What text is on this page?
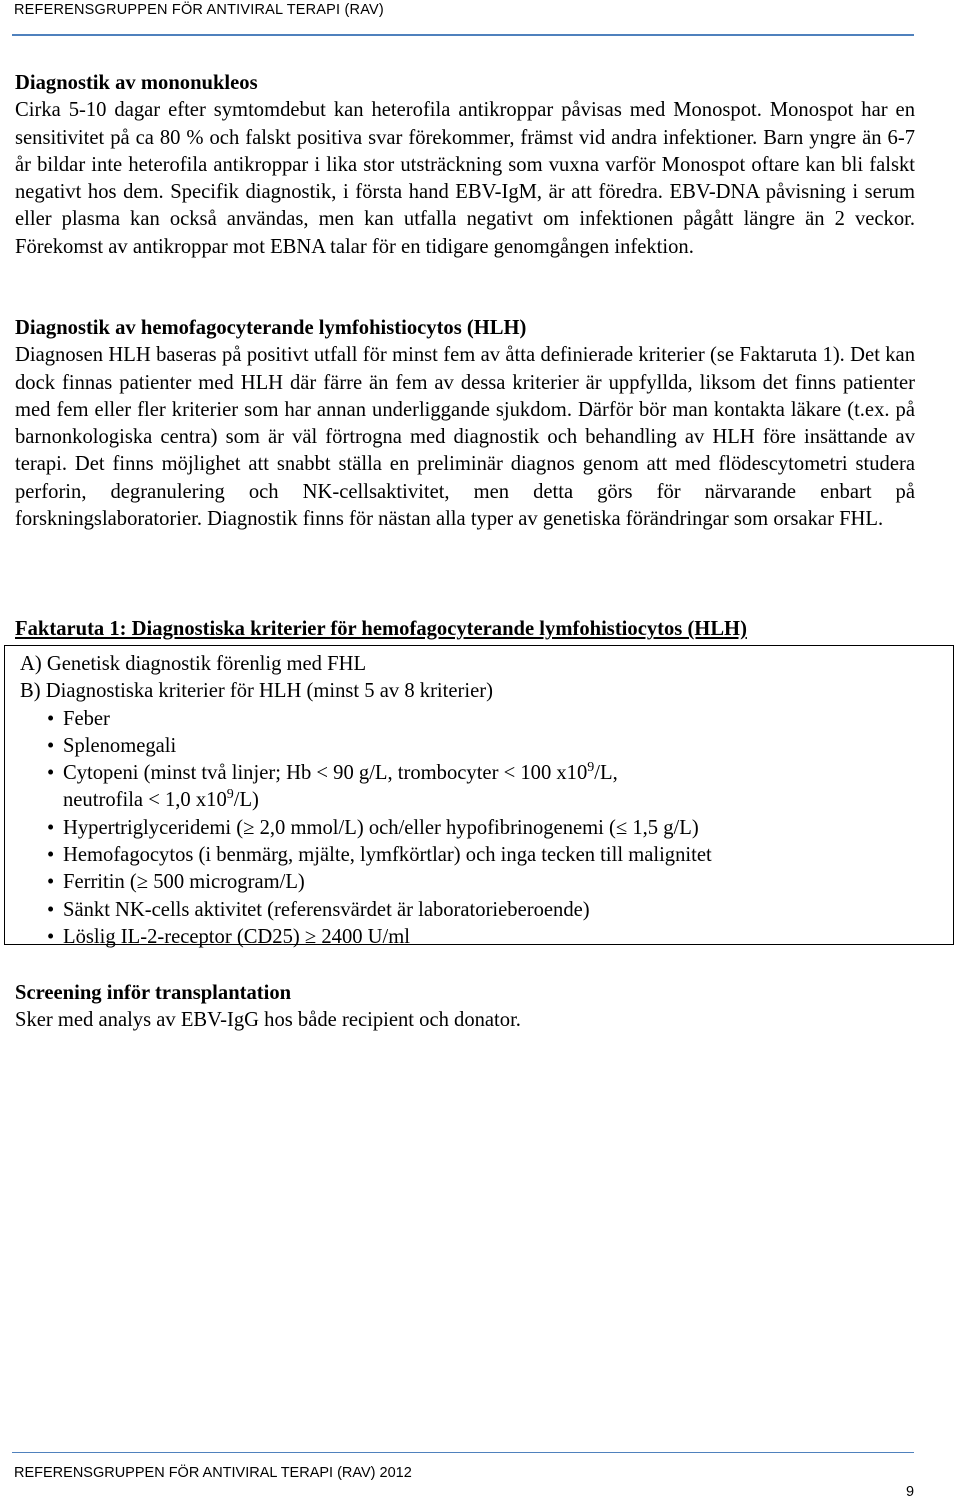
REFERENSGRUPPEN FÖR ANTIVIRAL TERAPI (RAV)
Diagnostik av mononukleos

Cirka 5-10 dagar efter symtomdebut kan heterofila antikroppar påvisas med Monospot. Monospot har en sensitivitet på ca 80 % och falskt positiva svar förekommer, främst vid andra infektioner. Barn yngre än 6-7 år bildar inte heterofila antikroppar i lika stor utsträckning som vuxna varför Monospot oftare kan bli falskt negativt hos dem. Specifik diagnostik, i första hand EBV-IgM, är att föredra. EBV-DNA påvisning i serum eller plasma kan också användas, men kan utfalla negativt om infektionen pågått längre än 2 veckor. Förekomst av antikroppar mot EBNA talar för en tidigare genomgången infektion.

Diagnostik av hemofagocyterande lymfohistiocytos (HLH)

Diagnosen HLH baseras på positivt utfall för minst fem av åtta definierade kriterier (se Faktaruta 1). Det kan dock finnas patienter med HLH där färre än fem av dessa kriterier är uppfyllda, liksom det finns patienter med fem eller fler kriterier som har annan underliggande sjukdom. Därför bör man kontakta läkare (t.ex. på barnonkologiska centra) som är väl förtrogna med diagnostik och behandling av HLH före insättande av terapi. Det finns möjlighet att snabbt ställa en preliminär diagnos genom att med flödescytometri studera perforin, degranulering och NK-cellsaktivitet, men detta görs för närvarande enbart på forskningslaboratorier. Diagnostik finns för nästan alla typer av genetiska förändringar som orsakar FHL.

Faktaruta 1: Diagnostiska kriterier för hemofagocyterande lymfohistiocytos (HLH)
A) Genetisk diagnostik förenlig med FHL
B) Diagnostiska kriterier för HLH (minst 5 av 8 kriterier)
• Feber
• Splenomegali
• Cytopeni (minst två linjer; Hb < 90 g/L, trombocyter < 100 $x10^9/L$,
neutrofila < 1,0 $x10^9/L$)
• Hypertriglyceridemi (≥ 2,0 mmol/L) och/eller hypofibrinogenemi (≤ 1,5 g/L)
• Hemofagocytos (i benmärg, mjälte, lymfkörtlar) och inga tecken till malignitet
• Ferritin (≥ 500 microgram/L)
• Sänkt NK-cells aktivitet (referensvärdet är laboratorieberoende)
• Löslig IL-2-receptor (CD25) ≥ 2400 U/ml
Screening inför transplantation

Sker med analys av EBV-IgG hos både recipient och donator.

REFERENSGRUPPEN FÖR ANTIVIRAL TERAPI (RAV) 2012
9
